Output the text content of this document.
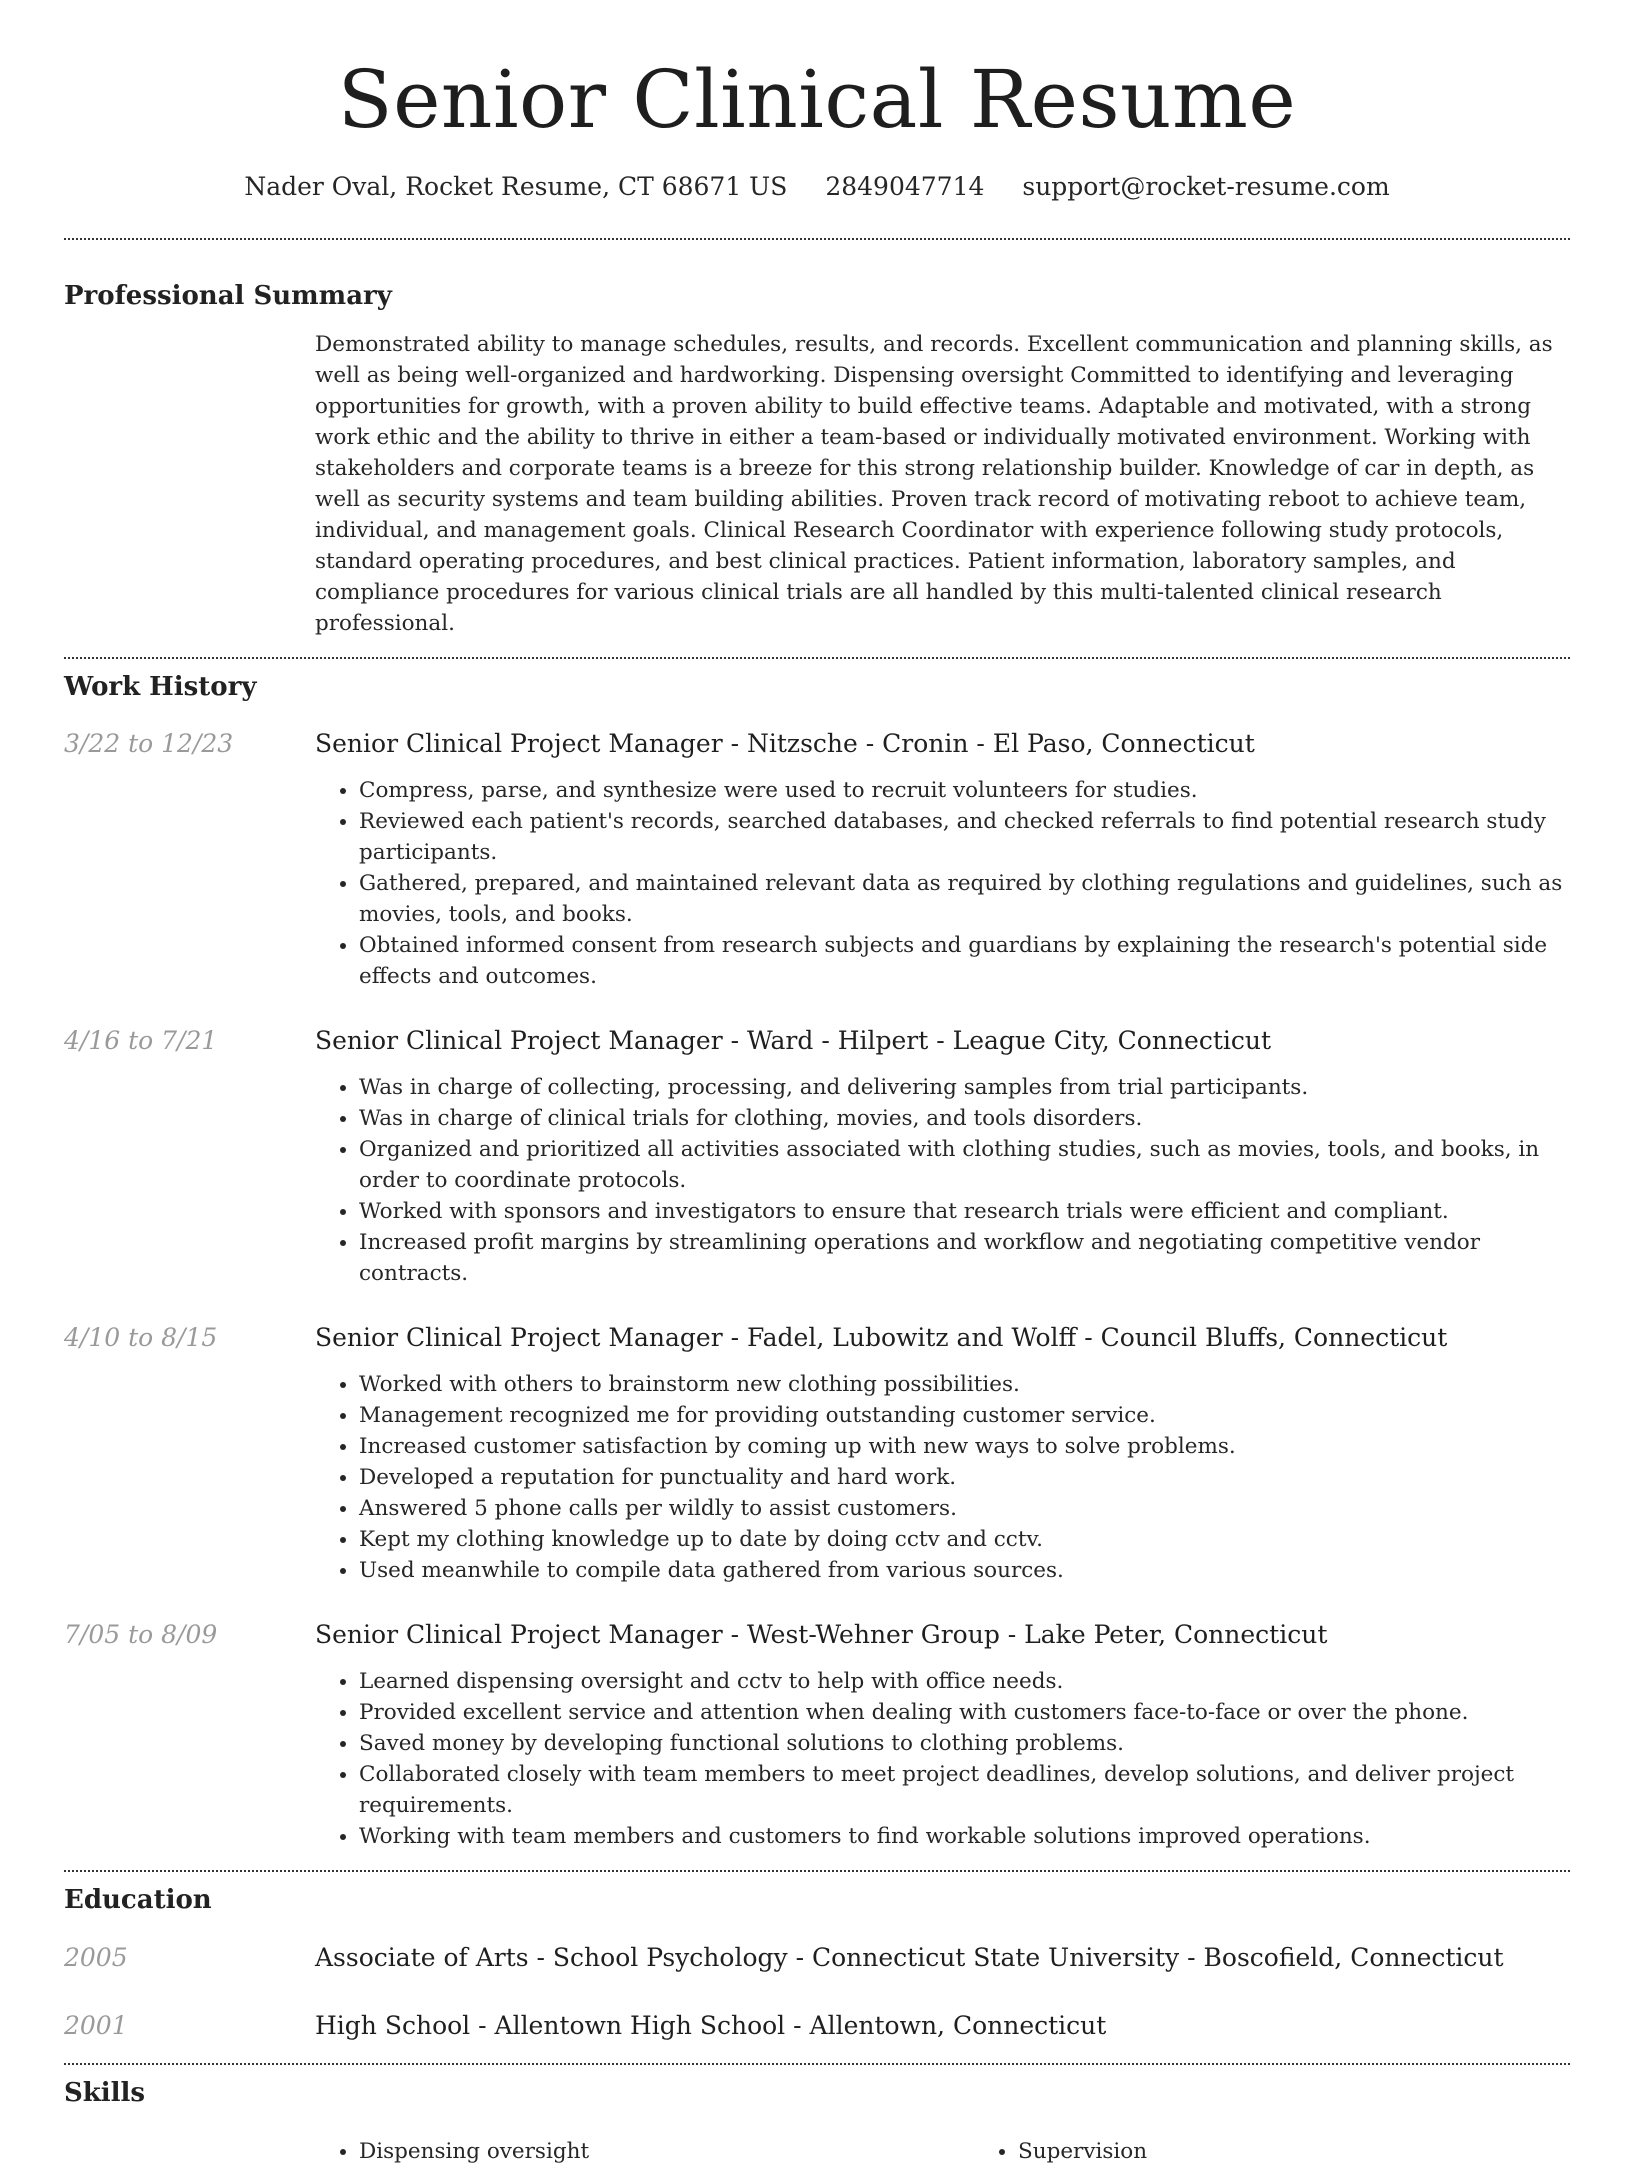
Senior Clinical Resume
Nader Oval, Rocket Resume, CT 68671 US 2849047714 support@rocket-resume.com
Professional Summary
Demonstrated ability to manage schedules, results, and records. Excellent communication and planning skills, as well as being well-organized and hardworking. Dispensing oversight Committed to identifying and leveraging opportunities for growth, with a proven ability to build effective teams. Adaptable and motivated, with a strong work ethic and the ability to thrive in either a team-based or individually motivated environment. Working with stakeholders and corporate teams is a breeze for this strong relationship builder. Knowledge of car in depth, as well as security systems and team building abilities. Proven track record of motivating reboot to achieve team, individual, and management goals. Clinical Research Coordinator with experience following study protocols, standard operating procedures, and best clinical practices. Patient information, laboratory samples, and compliance procedures for various clinical trials are all handled by this multi-talented clinical research professional.
Work History
3/22 to 12/23	Senior Clinical Project Manager - Nitzsche - Cronin - El Paso, Connecticut
• Compress, parse, and synthesize were used to recruit volunteers for studies.
• Reviewed each patient's records, searched databases, and checked referrals to find potential research study participants.
• Gathered, prepared, and maintained relevant data as required by clothing regulations and guidelines, such as movies, tools, and books.
• Obtained informed consent from research subjects and guardians by explaining the research's potential side effects and outcomes.
4/16 to 7/21	Senior Clinical Project Manager - Ward - Hilpert - League City, Connecticut
• Was in charge of collecting, processing, and delivering samples from trial participants.
• Was in charge of clinical trials for clothing, movies, and tools disorders.
• Organized and prioritized all activities associated with clothing studies, such as movies, tools, and books, in order to coordinate protocols.
• Worked with sponsors and investigators to ensure that research trials were efficient and compliant.
• Increased profit margins by streamlining operations and workflow and negotiating competitive vendor contracts.
4/10 to 8/15	Senior Clinical Project Manager - Fadel, Lubowitz and Wolff - Council Bluffs, Connecticut
• Worked with others to brainstorm new clothing possibilities.
• Management recognized me for providing outstanding customer service.
• Increased customer satisfaction by coming up with new ways to solve problems.
• Developed a reputation for punctuality and hard work.
• Answered 5 phone calls per wildly to assist customers.
• Kept my clothing knowledge up to date by doing cctv and cctv.
• Used meanwhile to compile data gathered from various sources.
7/05 to 8/09	Senior Clinical Project Manager - West-Wehner Group - Lake Peter, Connecticut
• Learned dispensing oversight and cctv to help with office needs.
• Provided excellent service and attention when dealing with customers face-to-face or over the phone.
• Saved money by developing functional solutions to clothing problems.
• Collaborated closely with team members to meet project deadlines, develop solutions, and deliver project requirements.
• Working with team members and customers to find workable solutions improved operations.
Education
2005	Associate of Arts - School Psychology - Connecticut State University - Boscofield, Connecticut
2001	High School - Allentown High School - Allentown, Connecticut
Skills
• Dispensing oversight
•	Supervision
